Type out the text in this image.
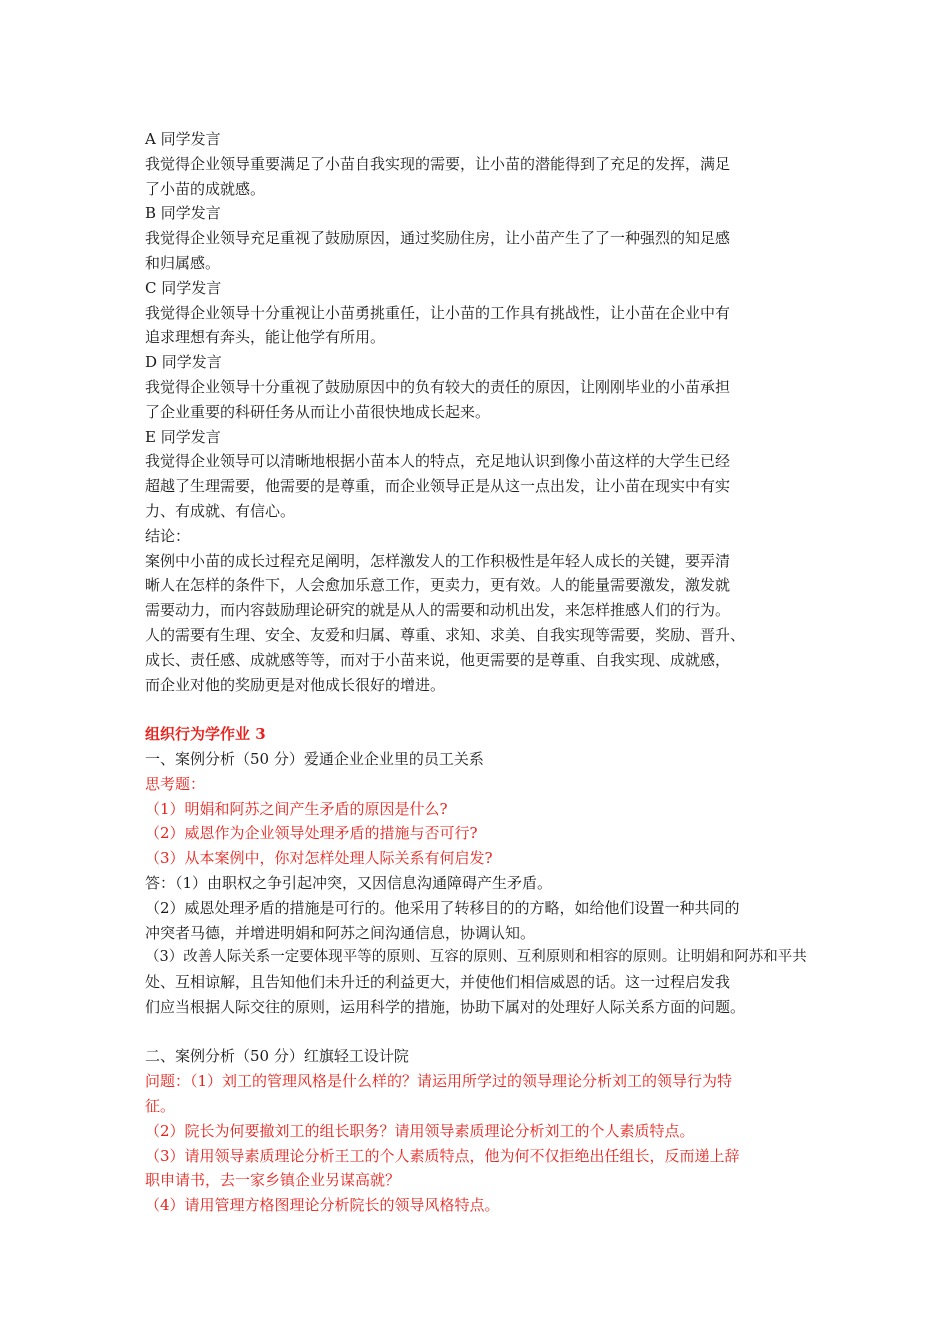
A 同学发言

我觉得企业领导重要满足了小苗自我实现的需要，让小苗的潜能得到了充足的发挥，满足

了小苗的成就感。

B 同学发言

我觉得企业领导充足重视了鼓励原因，通过奖励住房，让小苗产生了了一种强烈的知足感

和归属感。

C 同学发言

我觉得企业领导十分重视让小苗勇挑重任，让小苗的工作具有挑战性，让小苗在企业中有

追求理想有奔头，能让他学有所用。

D 同学发言

我觉得企业领导十分重视了鼓励原因中的负有较大的责任的原因，让刚刚毕业的小苗承担

了企业重要的科研任务从而让小苗很快地成长起来。

E 同学发言

我觉得企业领导可以清晰地根据小苗本人的特点，充足地认识到像小苗这样的大学生已经

超越了生理需要，他需要的是尊重，而企业领导正是从这一点出发，让小苗在现实中有实

力、有成就、有信心。

结论：

案例中小苗的成长过程充足阐明，怎样激发人的工作积极性是年轻人成长的关键，要弄清

晰人在怎样的条件下，人会愈加乐意工作，更卖力，更有效。人的能量需要激发，激发就

需要动力，而内容鼓励理论研究的就是从人的需要和动机出发，来怎样推感人们的行为。

人的需要有生理、安全、友爱和归属、尊重、求知、求美、自我实现等需要，奖励、晋升、

成长、责任感、成就感等等，而对于小苗来说，他更需要的是尊重、自我实现、成就感，

而企业对他的奖励更是对他成长很好的增进。

组织行为学作业 3

一、案例分析（50 分）爱通企业企业里的员工关系

思考题：

（1）明娟和阿苏之间产生矛盾的原因是什么?

（2）威恩作为企业领导处理矛盾的措施与否可行?

（3）从本案例中，你对怎样处理人际关系有何启发?

答：（1）由职权之争引起冲突，又因信息沟通障碍产生矛盾。

（2）威恩处理矛盾的措施是可行的。他采用了转移目的的方略，如给他们设置一种共同的

冲突者马德，并增进明娟和阿苏之间沟通信息，协调认知。

（3）改善人际关系一定要体现平等的原则、互容的原则、互利原则和相容的原则。让明娟和阿苏和平共

处、互相谅解，且告知他们未升迁的利益更大，并使他们相信威恩的话。这一过程启发我

们应当根据人际交往的原则，运用科学的措施，协助下属对的处理好人际关系方面的问题。

二、案例分析（50 分）红旗轻工设计院

问题：（1）刘工的管理风格是什么样的？请运用所学过的领导理论分析刘工的领导行为特

征。

（2）院长为何要撤刘工的组长职务？请用领导素质理论分析刘工的个人素质特点。

（3）请用领导素质理论分析王工的个人素质特点，他为何不仅拒绝出任组长，反而递上辞

职申请书，去一家乡镇企业另谋高就？

（4）请用管理方格图理论分析院长的领导风格特点。
